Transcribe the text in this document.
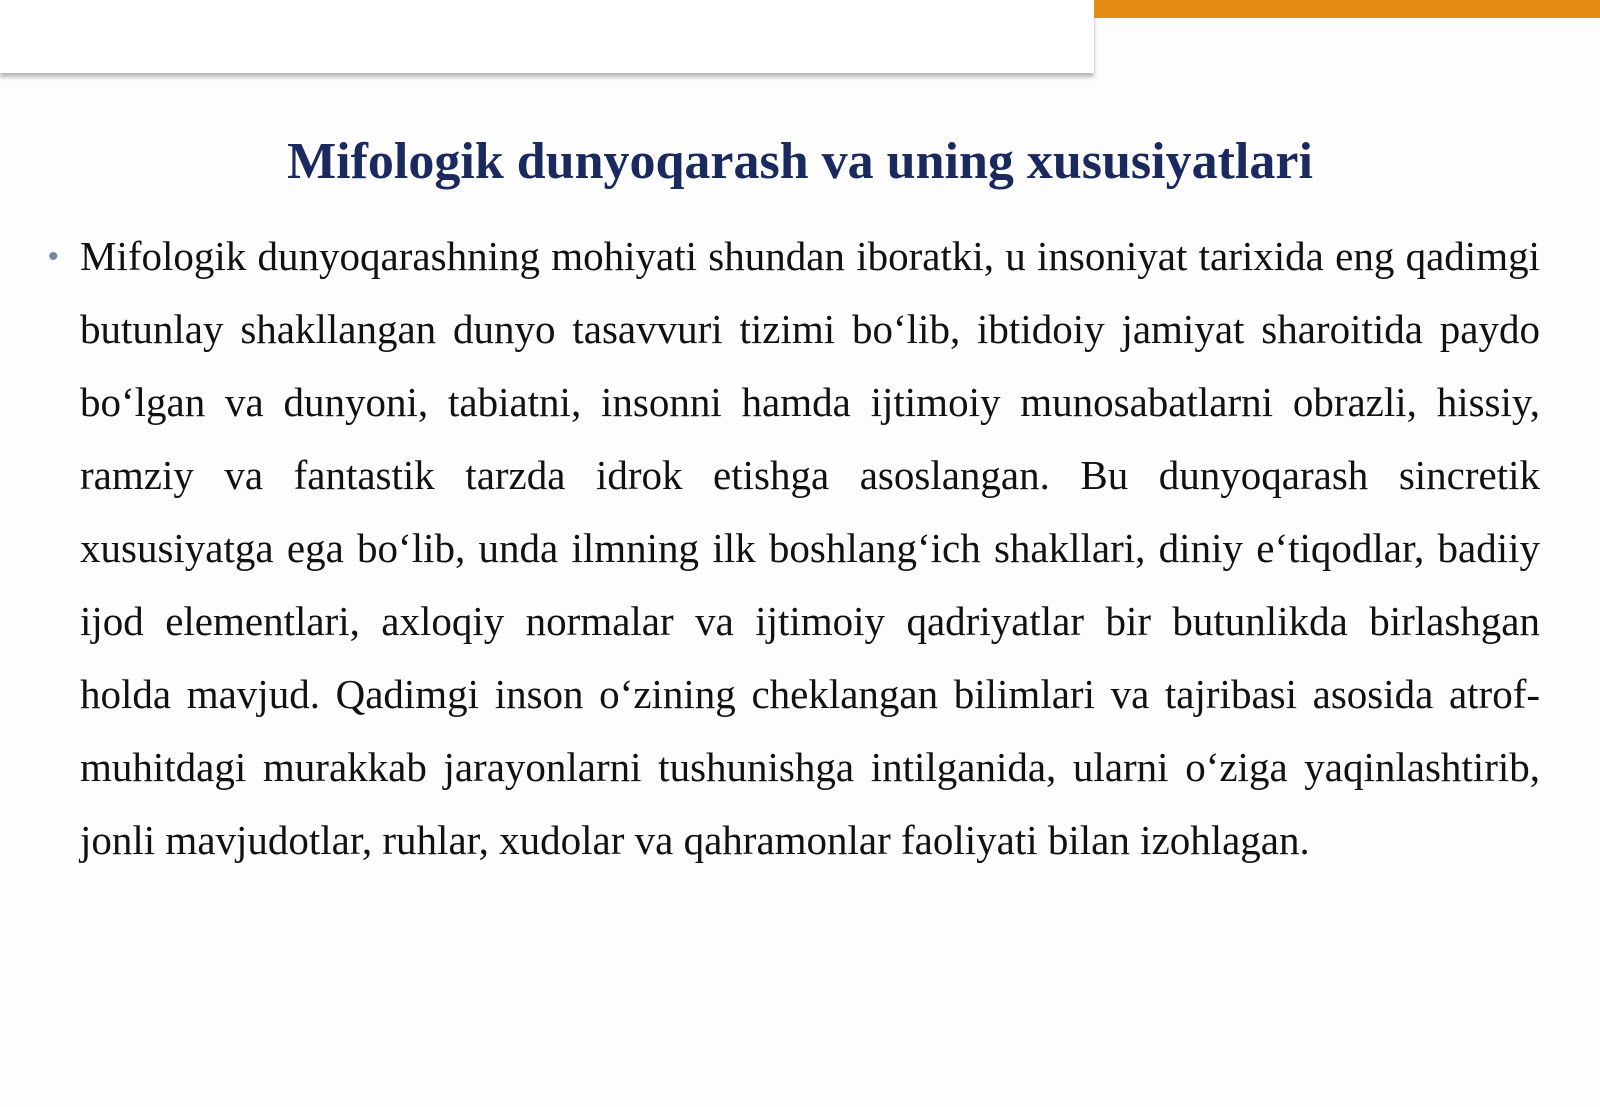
Mifologik dunyoqarash va uning xususiyatlari
• Mifologik dunyoqarashning mohiyati shundan iboratki, u insoniyat tarixida eng qadimgi butunlay shakllangan dunyo tasavvuri tizimi bo‘lib, ibtidoiy jamiyat sharoitida paydo bo‘lgan va dunyoni, tabiatni, insonni hamda ijtimoiy munosabatlarni obrazli, hissiy, ramziy va fantastik tarzda idrok etishga asoslangan. Bu dunyoqarash sincretik xususiyatga ega bo‘lib, unda ilmning ilk boshlang‘ich shakllari, diniy e‘tiqodlar, badiiy ijod elementlari, axloqiy normalar va ijtimoiy qadriyatlar bir butunlikda birlashgan holda mavjud. Qadimgi inson o‘zining cheklangan bilimlari va tajribasi asosida atrof-muhitdagi murakkab jarayonlarni tushunishga intilganida, ularni o‘ziga yaqinlashtirib, jonli mavjudotlar, ruhlar, xudolar va qahramonlar faoliyati bilan izohlagan.
